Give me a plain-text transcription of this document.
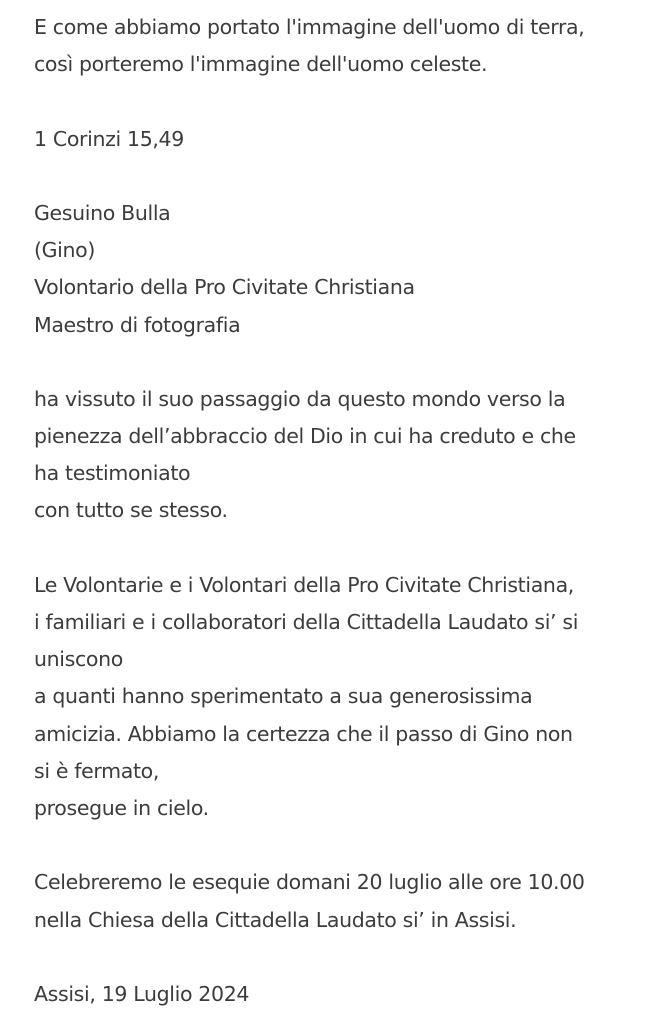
E come abbiamo portato l'immagine dell'uomo di terra,
così porteremo l'immagine dell'uomo celeste.
1 Corinzi 15,49
Gesuino Bulla
(Gino)
Volontario della Pro Civitate Christiana
Maestro di fotografia
ha vissuto il suo passaggio da questo mondo verso la
pienezza dell’abbraccio del Dio in cui ha creduto e che
ha testimoniato
con tutto se stesso.
Le Volontarie e i Volontari della Pro Civitate Christiana,
i familiari e i collaboratori della Cittadella Laudato si’ si
uniscono
a quanti hanno sperimentato a sua generosissima
amicizia. Abbiamo la certezza che il passo di Gino non
si è fermato,
prosegue in cielo.
Celebreremo le esequie domani 20 luglio alle ore 10.00
nella Chiesa della Cittadella Laudato si’ in Assisi.
Assisi, 19 Luglio 2024
